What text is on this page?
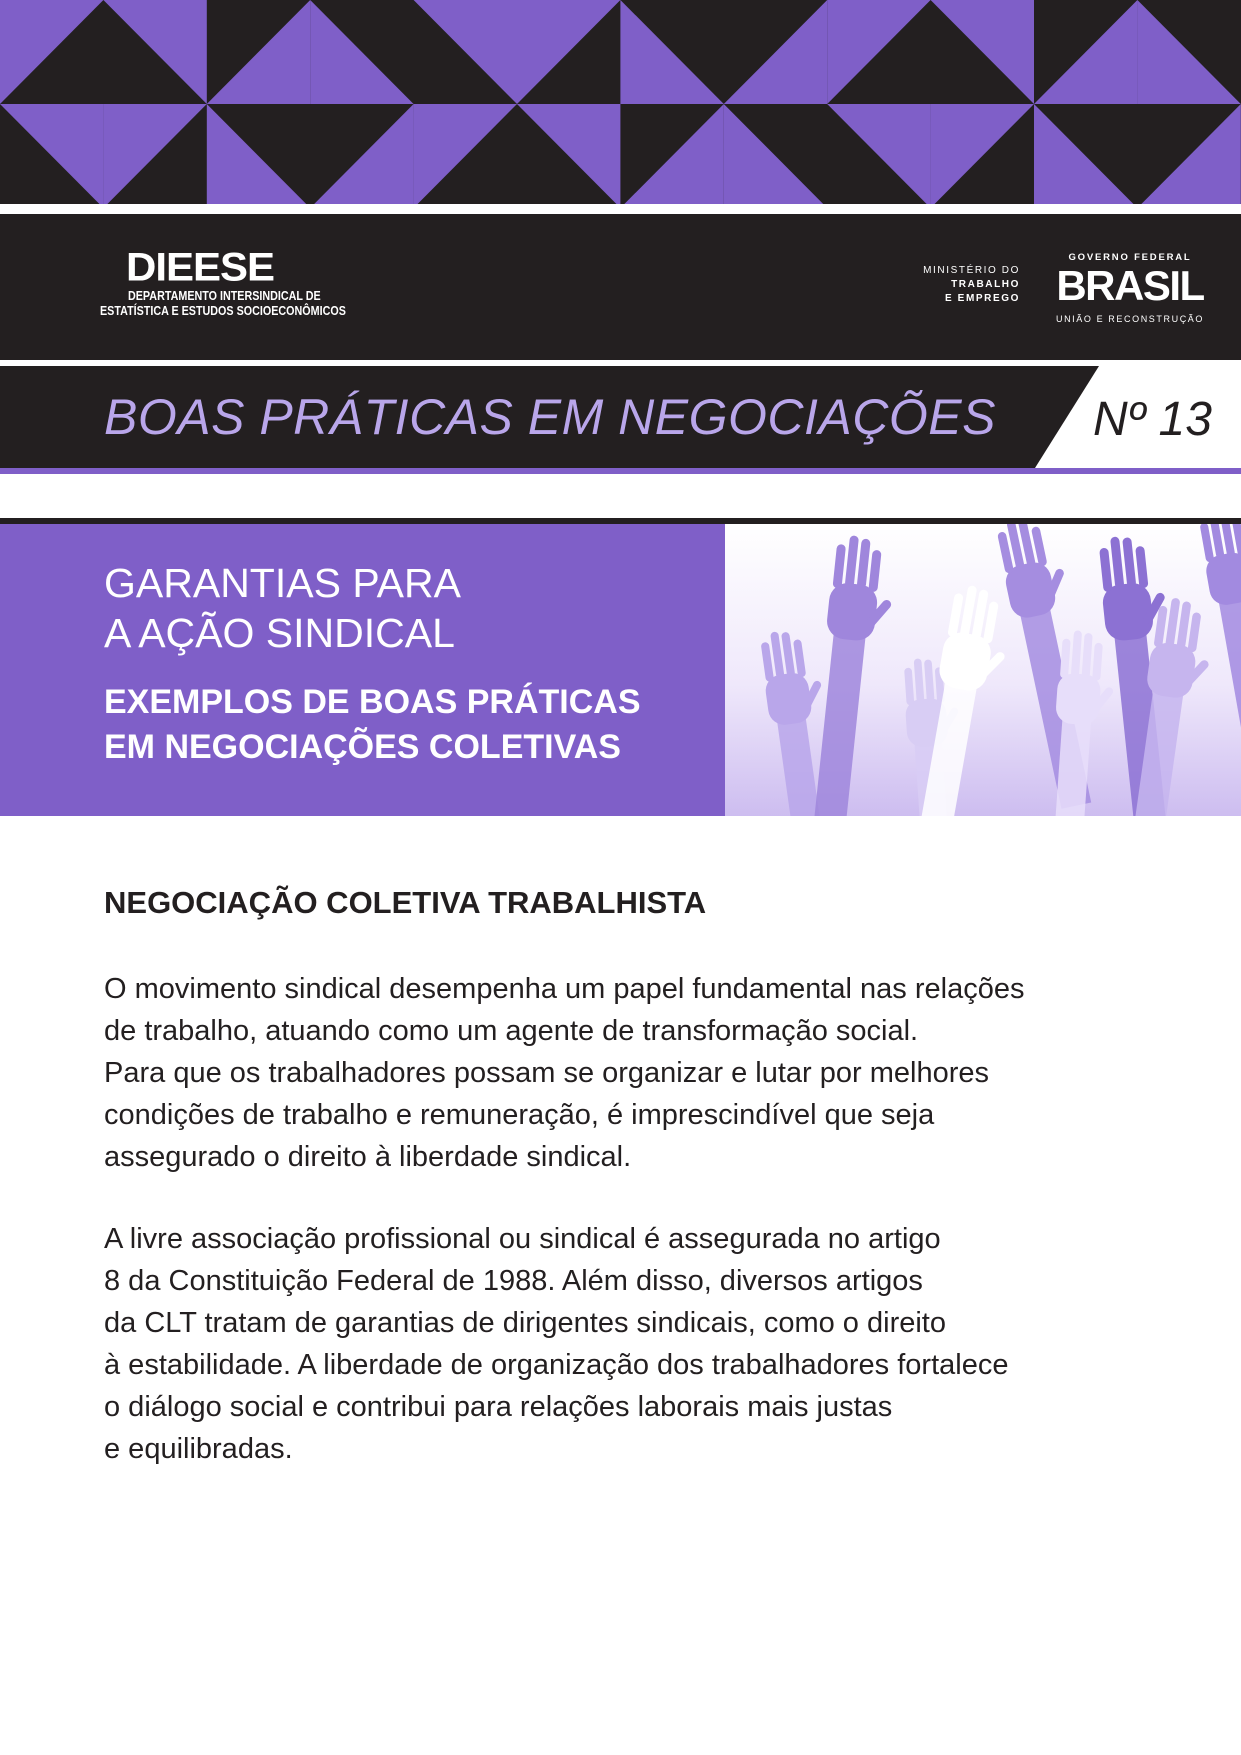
DIEESE
DEPARTAMENTO INTERSINDICAL DE
ESTATÍSTICA E ESTUDOS SOCIOECONÔMICOS
MINISTÉRIO DO
TRABALHO
E EMPREGO
GOVERNO FEDERAL
BRASIL
UNIÃO E RECONSTRUÇÃO
BOAS PRÁTICAS EM NEGOCIAÇÕES Nº 13
GARANTIAS PARA
A AÇÃO SINDICAL
EXEMPLOS DE BOAS PRÁTICAS
EM NEGOCIAÇÕES COLETIVAS
NEGOCIAÇÃO COLETIVA TRABALHISTA
O movimento sindical desempenha um papel fundamental nas relações
de trabalho, atuando como um agente de transformação social.
Para que os trabalhadores possam se organizar e lutar por melhores
condições de trabalho e remuneração, é imprescindível que seja
assegurado o direito à liberdade sindical.
A livre associação profissional ou sindical é assegurada no artigo
8 da Constituição Federal de 1988. Além disso, diversos artigos
da CLT tratam de garantias de dirigentes sindicais, como o direito
à estabilidade. A liberdade de organização dos trabalhadores fortalece
o diálogo social e contribui para relações laborais mais justas
e equilibradas.
